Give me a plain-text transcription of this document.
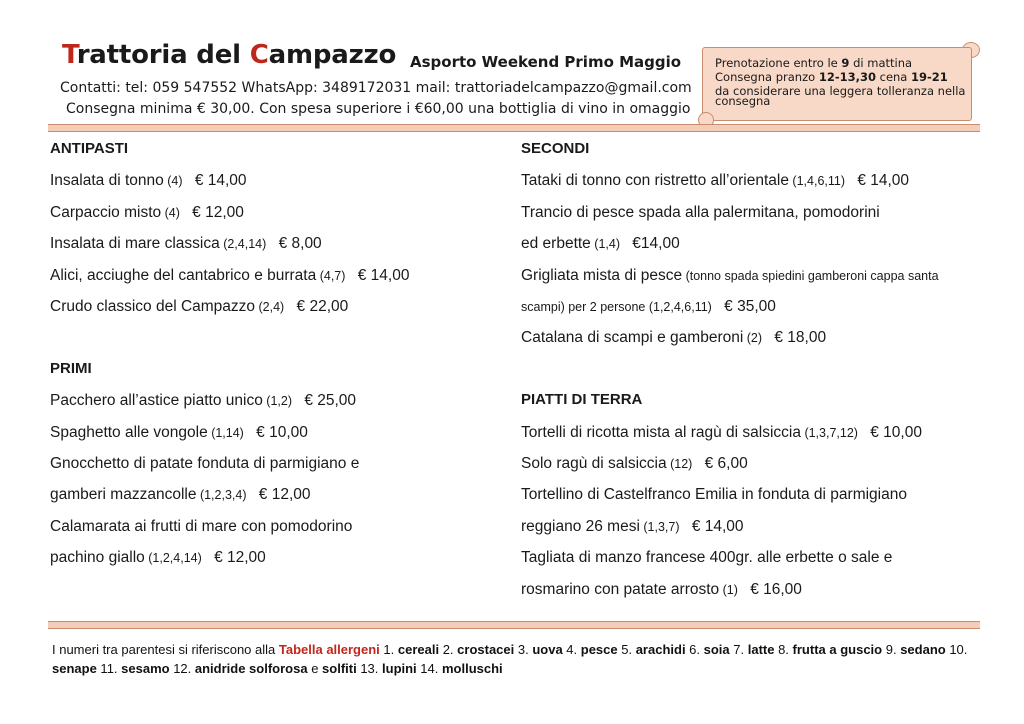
Trattoria del Campazzo Asporto Weekend Primo Maggio
Contatti: tel: 059 547552 WhatsApp: 3489172031 mail: trattoriadelcampazzo@gmail.com
Consegna minima € 30,00. Con spesa superiore i €60,00 una bottiglia di vino in omaggio
Prenotazione entro le 9 di mattina
Consegna pranzo 12-13,30 cena 19-21
da considerare una leggera tolleranza nella
consegna
ANTIPASTI
Insalata di tonno (4) € 14,00
Carpaccio misto (4) € 12,00
Insalata di mare classica (2,4,14) € 8,00
Alici, acciughe del cantabrico e burrata (4,7) € 14,00
Crudo classico del Campazzo (2,4) € 22,00
PRIMI
Pacchero all’astice piatto unico (1,2) € 25,00
Spaghetto alle vongole (1,14) € 10,00
Gnocchetto di patate fonduta di parmigiano e
gamberi mazzancolle (1,2,3,4) € 12,00
Calamarata ai frutti di mare con pomodorino
pachino giallo (1,2,4,14) € 12,00
SECONDI
Tataki di tonno con ristretto all’orientale (1,4,6,11) € 14,00
Trancio di pesce spada alla palermitana, pomodorini
ed erbette (1,4) €14,00
Grigliata mista di pesce (tonno spada spiedini gamberoni cappa santa
scampi) per 2 persone (1,2,4,6,11) € 35,00
Catalana di scampi e gamberoni (2) € 18,00
PIATTI DI TERRA
Tortelli di ricotta mista al ragù di salsiccia (1,3,7,12) € 10,00
Solo ragù di salsiccia (12) € 6,00
Tortellino di Castelfranco Emilia in fonduta di parmigiano
reggiano 26 mesi (1,3,7) € 14,00
Tagliata di manzo francese 400gr. alle erbette o sale e
rosmarino con patate arrosto (1) € 16,00
I numeri tra parentesi si riferiscono alla Tabella allergeni 1. cereali 2. crostacei 3. uova 4. pesce 5. arachidi 6. soia 7. latte 8. frutta a guscio 9. sedano 10. senape 11. sesamo 12. anidride solforosa e solfiti 13. lupini 14. molluschi
